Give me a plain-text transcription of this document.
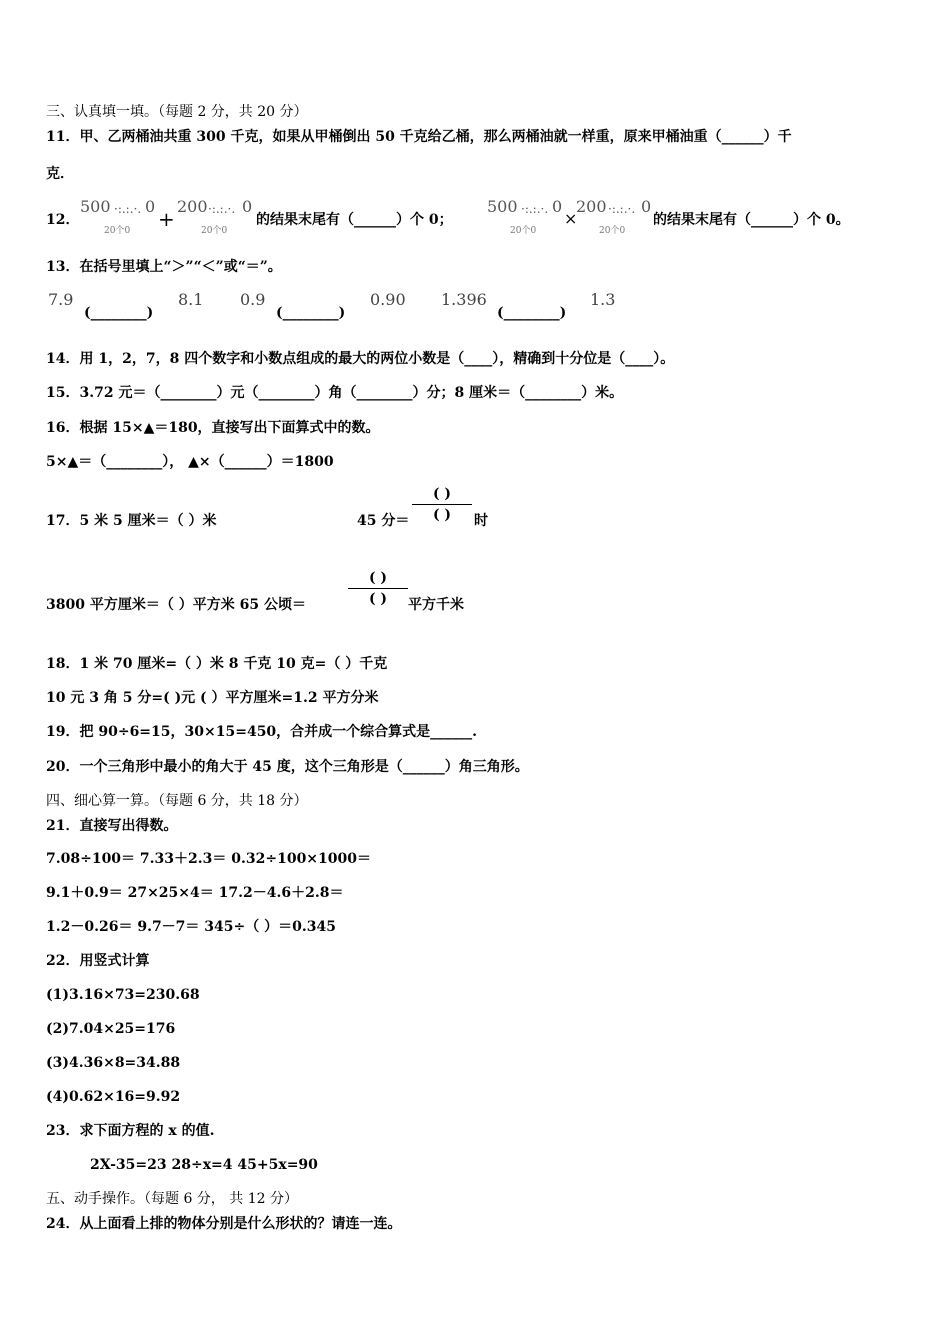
三、认真填一填。（每题 2 分，共 20 分）
11．甲、乙两桶油共重 300 千克，如果从甲桶倒出 50 千克给乙桶，那么两桶油就一样重，原来甲桶油重（______）千
克．
12．
500 ·:.:.·. 0
20个0 +
200 ·:.:.·. 0
20个0
的结果末尾有（______）个 0；
500 ·:.:.·. 0
20个0
×
200 ·:.:.·. 0
20个0
的结果末尾有（______）个 0。
13．在括号里填上“＞”“＜”或“＝”。
7.9
(________)
8.1 0.9
(________)
0.90 1.396
(________)
1.3
14．用 1，2，7，8 四个数字和小数点组成的最大的两位小数是（____），精确到十分位是（____）。
15．3.72 元＝（________）元（________）角（________）分；8 厘米＝（________）米。
16．根据 15×▲＝180，直接写出下面算式中的数。
5×▲＝（________）， ▲×（______）＝1800
17．5 米 5 厘米＝（ ）米	45 分＝
( )
( )	时
3800 平方厘米＝（ ）平方米 65 公顷＝
( )
( )	平方千米
18．1 米 70 厘米=（ ）米 8 千克 10 克=（ ）千克
10 元 3 角 5 分=( )元 ( ）平方厘米=1.2 平方分米
19．把 90÷6=15，30×15=450，合并成一个综合算式是______.
20．一个三角形中最小的角大于 45 度，这个三角形是（______）角三角形。
四、细心算一算。（每题 6 分，共 18 分）
21．直接写出得数。
7.08÷100＝ 7.33＋2.3＝ 0.32÷100×1000＝
9.1＋0.9＝ 27×25×4＝ 17.2－4.6＋2.8＝
1.2－0.26＝ 9.7－7＝ 345÷（ ）＝0.345
22．用竖式计算
(1)3.16×73=230.68
(2)7.04×25=176
(3)4.36×8=34.88
(4)0.62×16=9.92
23．求下面方程的 x 的值.
2X-35=23 28÷x=4 45+5x=90
五、动手操作。（每题 6 分， 共 12 分）
24．从上面看上排的物体分别是什么形状的？请连一连。
